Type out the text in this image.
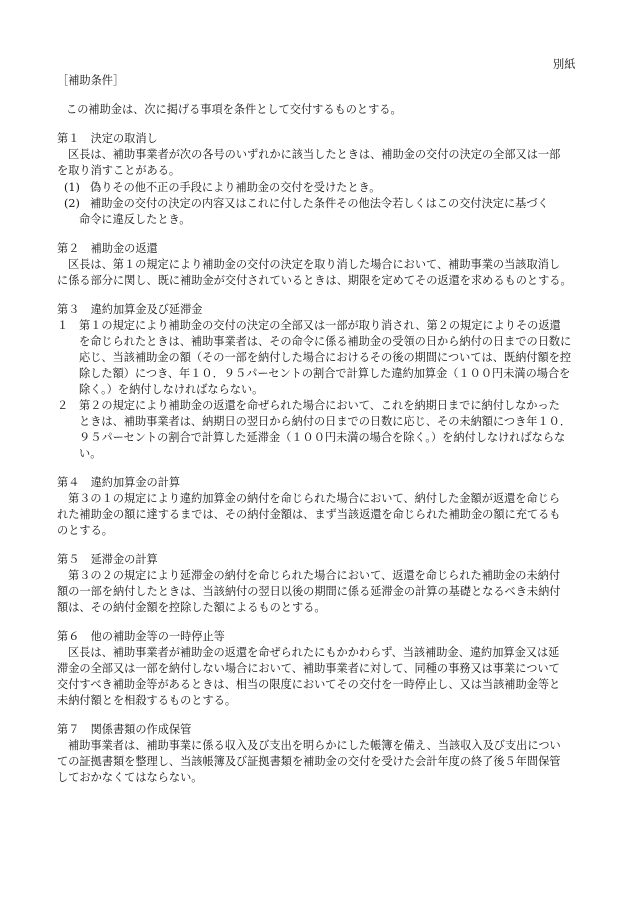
別紙
［補助条件］
この補助金は、次に掲げる事項を条件として交付するものとする。
第１　決定の取消し
区長は、補助事業者が次の各号のいずれかに該当したときは、補助金の交付の決定の全部又は一部
を取り消すことがある。
(1) 偽りその他不正の手段により補助金の交付を受けたとき。
(2) 補助金の交付の決定の内容又はこれに付した条件その他法令若しくはこの交付決定に基づく
命令に違反したとき。
第２　補助金の返還
区長は、第１の規定により補助金の交付の決定を取り消した場合において、補助事業の当該取消し
に係る部分に関し、既に補助金が交付されているときは、期限を定めてその返還を求めるものとする。
第３　違約加算金及び延滞金
１ 第１の規定により補助金の交付の決定の全部又は一部が取り消され、第２の規定によりその返還
を命じられたときは、補助事業者は、その命令に係る補助金の受領の日から納付の日までの日数に
応じ、当該補助金の額（その一部を納付した場合におけるその後の期間については、既納付額を控
除した額）につき、年１０．９５パーセントの割合で計算した違約加算金（１００円未満の場合を
除く。）を納付しなければならない。
２ 第２の規定により補助金の返還を命ぜられた場合において、これを納期日までに納付しなかった
ときは、補助事業者は、納期日の翌日から納付の日までの日数に応じ、その未納額につき年１０．
９５パーセントの割合で計算した延滞金（１００円未満の場合を除く。）を納付しなければならな
い。
第４　違約加算金の計算
第３の１の規定により違約加算金の納付を命じられた場合において、納付した金額が返還を命じら
れた補助金の額に達するまでは、その納付金額は、まず当該返還を命じられた補助金の額に充てるも
のとする。
第５　延滞金の計算
第３の２の規定により延滞金の納付を命じられた場合において、返還を命じられた補助金の未納付
額の一部を納付したときは、当該納付の翌日以後の期間に係る延滞金の計算の基礎となるべき未納付
額は、その納付金額を控除した額によるものとする。
第６　他の補助金等の一時停止等
区長は、補助事業者が補助金の返還を命ぜられたにもかかわらず、当該補助金、違約加算金又は延
滞金の全部又は一部を納付しない場合において、補助事業者に対して、同種の事務又は事業について
交付すべき補助金等があるときは、相当の限度においてその交付を一時停止し、又は当該補助金等と
未納付額とを相殺するものとする。
第７　関係書類の作成保管
補助事業者は、補助事業に係る収入及び支出を明らかにした帳簿を備え、当該収入及び支出につい
ての証拠書類を整理し、当該帳簿及び証拠書類を補助金の交付を受けた会計年度の終了後５年間保管
しておかなくてはならない。
